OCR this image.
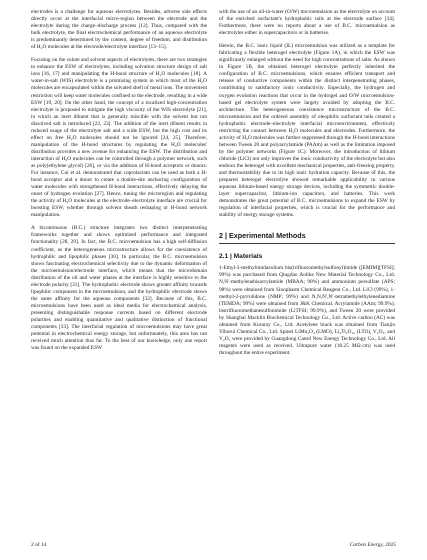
electrodes is a challenge for aqueous electrolytes. Besides, adverse side effects directly occur at the interfacial micro-region between the electrode and the electrolyte during the charge–discharge process [12]. Thus, compared with the bulk electrolyte, the final electrochemical performance of an aqueous electrolyte is predominantly determined by the content, degree of freedom, and distribution of H₂O molecules at the electrode/electrolyte interface [13–15].

Focusing on the solute and solvent aspects of electrolytes, there are two strategies to enhance the ESW of electrolytes, including solvation structure design of salt ions [16, 17] and manipulating the H-bond structure of H₂O molecules [18]. A water-in-salt (WIS) electrolyte is a promising system in which most of the H₂O molecules are encapsulated within the solvated shell of metal ions. The movement restriction will keep water molecules confined to the electrode, resulting in a wide ESW [19, 20]. On the other hand, the concept of a localized high-concentration electrolyte is proposed to mitigate the high viscosity of the WIS electrolyte [21], in which an inert diluent that is generally miscible with the solvent but not dissolved salt is introduced [22, 23]. The addition of the inert diluent results in reduced usage of the electrolyte salt and a wide ESW, but the high cost and its effect on free H₂O molecules should not be ignored [24, 25]. Therefore, manipulation of the H-bond structures by regulating the H₂O molecules' distribution provides a new avenue for enhancing the ESW. The distribution and interaction of H₂O molecules can be controlled through a polymer network, such as poly(ethylene glycol) [26], or via the addition of H-bond acceptors or donors. For instance, Cui et al. demonstrated that coprolactam can be used as both a H-bond acceptor and a donor to create a double-site anchoring configuration of water molecules with strengthened H-bond interactions, effectively delaying the onset of hydrogen evolution [27]. Hence, tuning the microregion and regulating the activity of H₂O molecules at the electrode–electrolyte interface are crucial for boosting ESW, whether through solvent sheath reshaping or H-bond network manipulation.

A bicontinuous (B.C.) structure integrates two distinct interpenetrating frameworks together and shows optimized performance and integrated functionality [28, 29]. In fact, the B.C. microemulsion has a high self-diffusion coefficient, as the heterogeneous microstructure allows for the coexistence of hydrophilic and lipophilic phases [30]. In particular, the B.C. microemulsion shows fascinating electrochemical selectivity due to the dynamic deformation of the microemulsion/electrode interface, which means that the microdomain distribution of the oil and water phases at the interface is highly sensitive to the electrode polarity [31]. The hydrophobic electrode shows greater affinity towards lipophilic component in the microemulsion, and the hydrophilic electrode shows the same affinity for the aqueous components [32]. Because of this, B.C. microemulsions have been used as ideal media for electrochemical analysis, presenting distinguishable response currents based on different electrode polarities and enabling quantitative and qualitative distinction of functional components [33]. The interfacial regulation of microemulsions may have great potential in electrochemical energy storage, but unfortunately, this area has not received much attention thus far. To the best of our knowledge, only one report was found on the expanded ESW

with the use of an oil-in-water (O/W) microemulsion as the electrolyte on account of the enriched surfactant's hydrophobic tails at the electrode surface [34]. Furthermore, there were no reports about a use of B.C. microemulsion as electrolytes either in supercapacitors or in batteries.

Herein, the B.C. ionic liquid (IL) microemulsion was utilized as a template for fabricating a flexible heterogel electrolyte (Figure 1A), in which the ESW was significantly enlarged without the need for high concentrations of salts. As shown in Figure 1B, the obtained heterogel electrolyte perfectly inherited the configuration of B.C. microemulsions, which ensures efficient transport and release of conductive components within the distinct interpenetrating phases, contributing to satisfactory ionic conductivity. Especially, the hydrogen and oxygen evolution reactions that occur in the hydrogel and O/W microemulsion-based gel electrolyte system were largely avoided by adopting the B.C. architecture. The heterogeneous coexistence microstructure of the B.C. microemulsion and the ordered assembly of oleophilic surfactant tails created a hydrophobic electrode–electrolyte interfacial microenvironment, effectively restricting the contact between H₂O molecules and electrodes. Furthermore, the activity of H₂O molecules was further suppressed through the H-bond interactions between Tween 20 and polyacrylamide (PAAm) as well as the limitation imposed by the polymer networks (Figure 1C). Moreover, the introduction of lithium chloride (LiCl) not only improves the ionic conductivity of the electrolyte but also endows the heterogel with excellent mechanical properties, anti-freezing property, and thermostability due to its high ionic hydration capacity. Because of this, the prepared heterogel electrolyte showed remarkable applicability in various aqueous lithium-based energy storage devices, including the symmetric double-layer supercapacitor, lithium-ion capacitors, and batteries. This work demonstrates the great potential of B.C. microemulsions to expand the ESW by regulation of interfacial properties, which is crucial for the performance and stability of energy storage systems.

2 | Experimental Methods
2.1 | Materials

1-Ethyl-3-methylimidazolium bis(trifluoromethylsulfonyl)imide ([EMIM][TFSI]; 99%) was purchased from Qingdao Aolike New Material Technology Co., Ltd. N,N′-methylenebisacrylamide (MBAA; 98%) and ammonium persulfate (APS; 98%) were obtained from Sinopharm Chemical Reagent Co., Ltd. LiCl (99%), 1-methyl-2-pyrrolidone (NMP; 99%) and N,N,N′,N′-tetramethylethylenediamine (TEMDA; 99%) were obtained from J&K Chemical. Acrylamide (AAm; 99.9%), bistrifluoromethanesulfonimide (LiTFSI; 99.9%), and Tween 20 were provided by Shanghai Macklin Biochemical Technology Co., Ltd. Active carbon (AC) was obtained from Kuraray Co., Ltd. Acetylene black was obtained from Tianjin Yiborui Chemical Co., Ltd. Spinel LiMn₂O₄ (LMO), Li₄Ti₅O₁₂ (LTO), V₂O₅, and V₂O₅ were provided by Guangdong Canrd New Energy Technology Co., Ltd. All reagents were used as received. Ultrapure water (18.25 MΩ·cm) was used throughout the entire experiment.

2 of 14	Carbon Energy, 2025
